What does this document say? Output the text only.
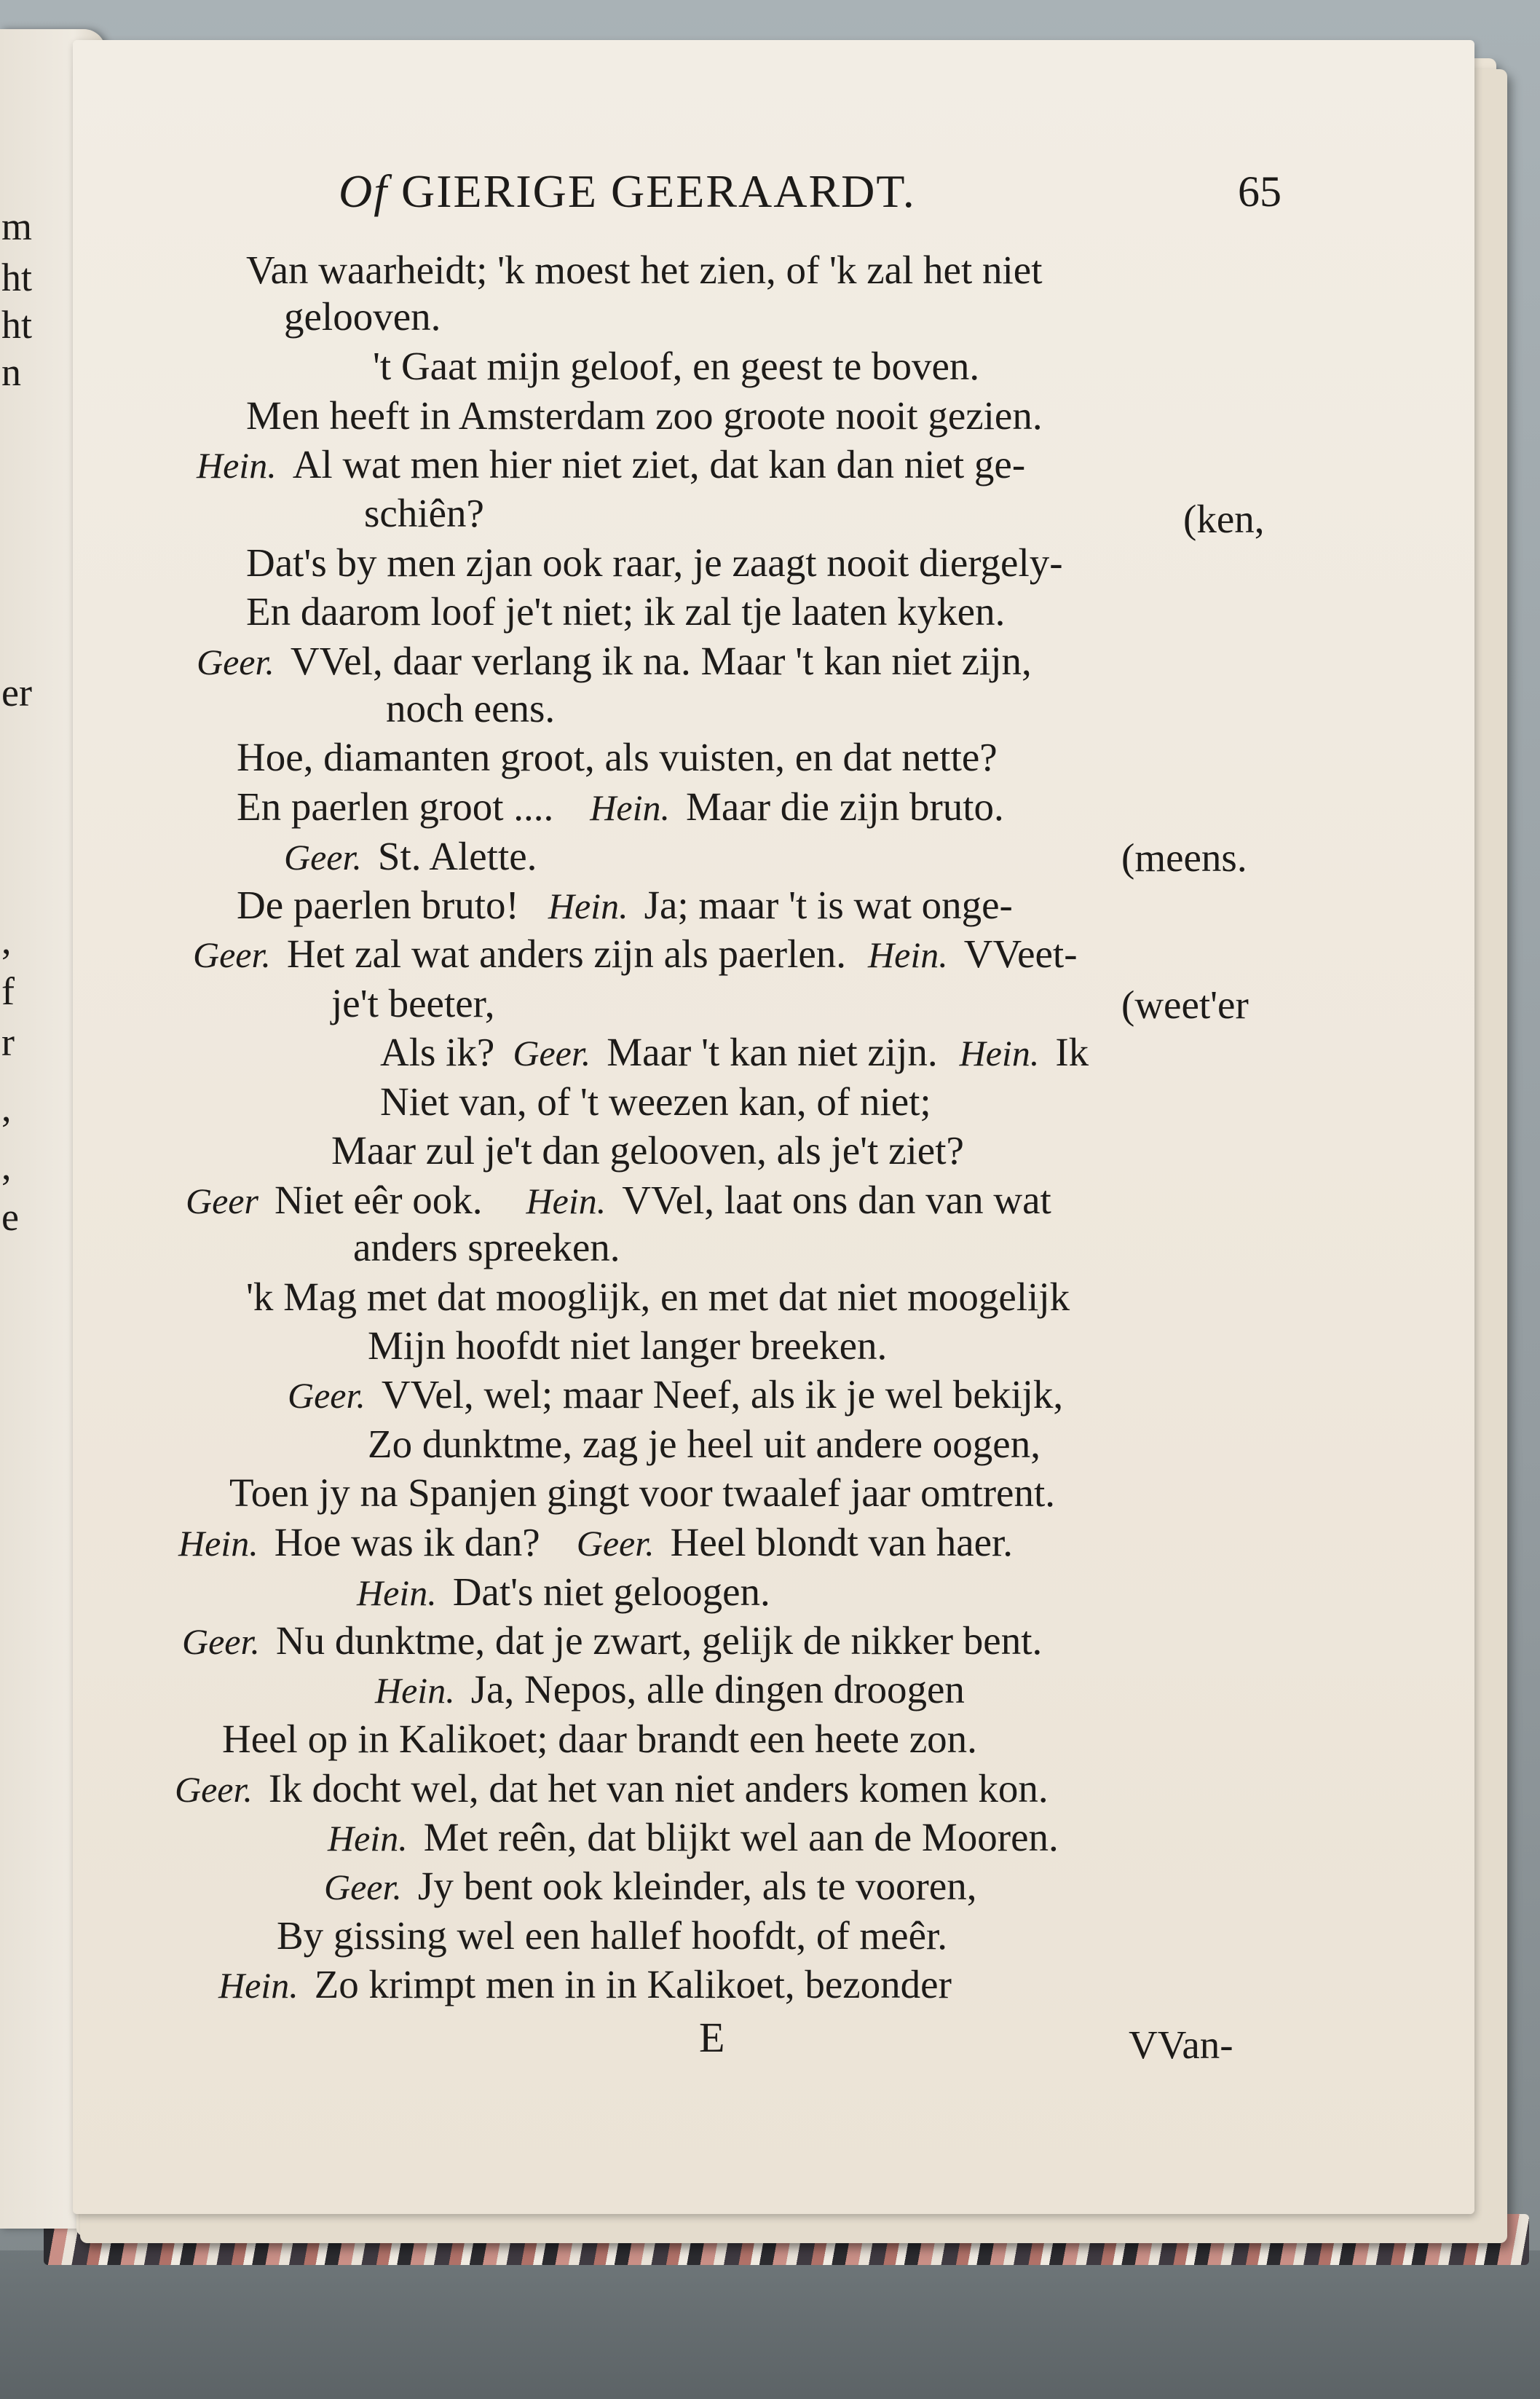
m
ht
ht
n
er
,
f
r
,
,
e
Of GIERIGE GEERAARDT.	65
Van waarheidt; 'k moest het zien, of 'k zal het niet
gelooven.
't Gaat mijn geloof, en geest te boven.
Men heeft in Amsterdam zoo groote nooit gezien.
Hein. Al wat men hier niet ziet, dat kan dan niet ge-
schiên?	(ken,
Dat's by men zjan ook raar, je zaagt nooit diergely-
En daarom loof je't niet; ik zal tje laaten kyken.
Geer. VVel, daar verlang ik na. Maar 't kan niet zijn,
noch eens.
Hoe, diamanten groot, als vuisten, en dat nette?
En paerlen groot .... Hein. Maar die zijn bruto.
Geer. St. Alette.	(meens.
De paerlen bruto! Hein. Ja; maar 't is wat onge-
Geer. Het zal wat anders zijn als paerlen. Hein. VVeet-
je't beeter,	(weet'er
Als ik? Geer. Maar 't kan niet zijn. Hein. Ik
Niet van, of 't weezen kan, of niet;
Maar zul je't dan gelooven, als je't ziet?
Geer Niet eêr ook. Hein. VVel, laat ons dan van wat
anders spreeken.
'k Mag met dat mooglijk, en met dat niet moogelijk
Mijn hoofdt niet langer breeken.
Geer. VVel, wel; maar Neef, als ik je wel bekijk,
Zo dunktme, zag je heel uit andere oogen,
Toen jy na Spanjen gingt voor twaalef jaar omtrent.
Hein. Hoe was ik dan? Geer. Heel blondt van haer.
Hein. Dat's niet geloogen.
Geer. Nu dunktme, dat je zwart, gelijk de nikker bent.
Hein. Ja, Nepos, alle dingen droogen
Heel op in Kalikoet; daar brandt een heete zon.
Geer. Ik docht wel, dat het van niet anders komen kon.
Hein. Met reên, dat blijkt wel aan de Mooren.
Geer. Jy bent ook kleinder, als te vooren,
By gissing wel een hallef hoofdt, of meêr.
Hein. Zo krimpt men in in Kalikoet, bezonder
E	VVan-
